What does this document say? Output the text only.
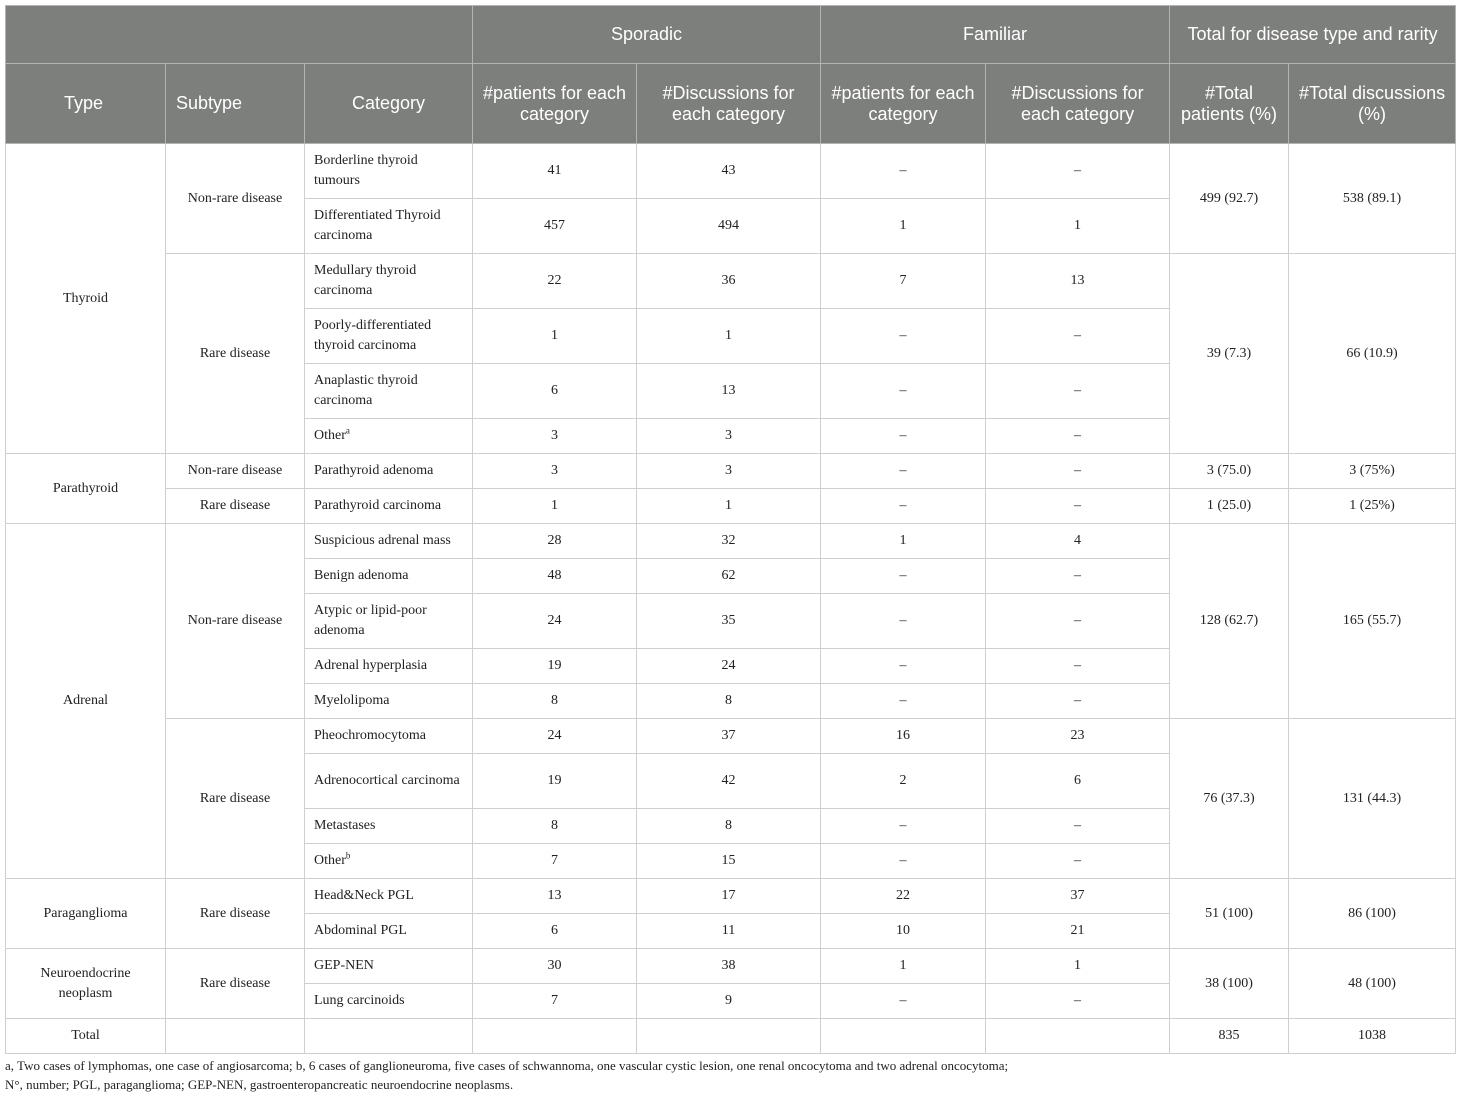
			Sporadic		Familiar		Total for disease type and rarity	
Type	Subtype	Category	#patients for each category	#Discussions for each category	#patients for each category	#Discussions for each category	#Total patients (%)	#Total discussions (%)
Thyroid	Non-rare disease	Borderline thyroid tumours	41	43	–	–	499 (92.7)	538 (89.1)
		Differentiated Thyroid carcinoma	457	494	1	1		
	Rare disease	Medullary thyroid carcinoma	22	36	7	13	39 (7.3)	66 (10.9)
		Poorly-differentiated thyroid carcinoma	1	1	–	–		
		Anaplastic thyroid carcinoma	6	13	–	–		
		Other$^a$	3	3	–	–		
Parathyroid	Non-rare disease	Parathyroid adenoma	3	3	–	–	3 (75.0)	3 (75%)
	Rare disease	Parathyroid carcinoma	1	1	–	–	1 (25.0)	1 (25%)
Adrenal	Non-rare disease	Suspicious adrenal mass	28	32	1	4	128 (62.7)	165 (55.7)
		Benign adenoma	48	62	–	–		
		Atypic or lipid-poor adenoma	24	35	–	–		
		Adrenal hyperplasia	19	24	–	–		
		Myelolipoma	8	8	–	–		
	Rare disease	Pheochromocytoma	24	37	16	23	76 (37.3)	131 (44.3)
		Adrenocortical carcinoma	19	42	2	6		
		Metastases	8	8	–	–		
		Other$^b$	7	15	–	–		
Paraganglioma	Rare disease	Head&Neck PGL	13	17	22	37	51 (100)	86 (100)
		Abdominal PGL	6	11	10	21		
Neuroendocrine neoplasm	Rare disease	GEP-NEN	30	38	1	1	38 (100)	48 (100)
		Lung carcinoids	7	9	–	–		
Total							835	1038
a, Two cases of lymphomas, one case of angiosarcoma; b, 6 cases of ganglioneuroma, five cases of schwannoma, one vascular cystic lesion, one renal oncocytoma and two adrenal oncocytoma;
N°, number; PGL, paraganglioma; GEP-NEN, gastroenteropancreatic neuroendocrine neoplasms.
